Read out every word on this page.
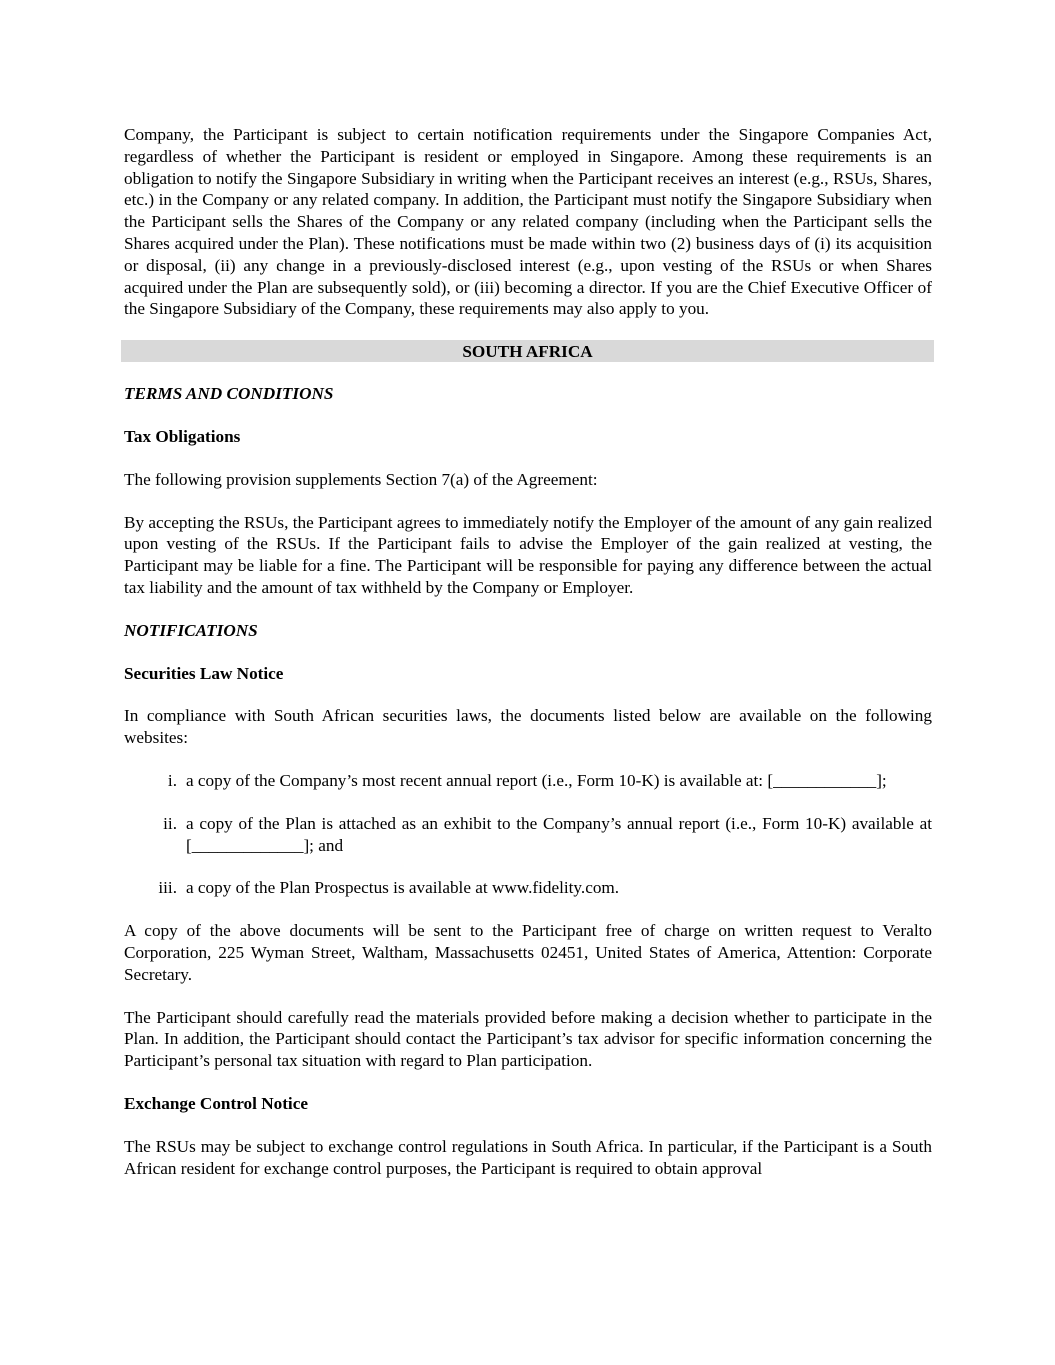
Company, the Participant is subject to certain notification requirements under the Singapore Companies Act, regardless of whether the Participant is resident or employed in Singapore. Among these requirements is an obligation to notify the Singapore Subsidiary in writing when the Participant receives an interest (e.g., RSUs, Shares, etc.) in the Company or any related company. In addition, the Participant must notify the Singapore Subsidiary when the Participant sells the Shares of the Company or any related company (including when the Participant sells the Shares acquired under the Plan). These notifications must be made within two (2) business days of (i) its acquisition or disposal, (ii) any change in a previously-disclosed interest (e.g., upon vesting of the RSUs or when Shares acquired under the Plan are subsequently sold), or (iii) becoming a director. If you are the Chief Executive Officer of the Singapore Subsidiary of the Company, these requirements may also apply to you.

SOUTH AFRICA

TERMS AND CONDITIONS

Tax Obligations

The following provision supplements Section 7(a) of the Agreement:

By accepting the RSUs, the Participant agrees to immediately notify the Employer of the amount of any gain realized upon vesting of the RSUs. If the Participant fails to advise the Employer of the gain realized at vesting, the Participant may be liable for a fine. The Participant will be responsible for paying any difference between the actual tax liability and the amount of tax withheld by the Company or Employer.

NOTIFICATIONS

Securities Law Notice

In compliance with South African securities laws, the documents listed below are available on the following websites:

i. a copy of the Company’s most recent annual report (i.e., Form 10-K) is available at: [____________];
ii. a copy of the Plan is attached as an exhibit to the Company’s annual report (i.e., Form 10-K) available at [_____________]; and
iii. a copy of the Plan Prospectus is available at www.fidelity.com.

A copy of the above documents will be sent to the Participant free of charge on written request to Veralto Corporation, 225 Wyman Street, Waltham, Massachusetts 02451, United States of America, Attention: Corporate Secretary.

The Participant should carefully read the materials provided before making a decision whether to participate in the Plan. In addition, the Participant should contact the Participant’s tax advisor for specific information concerning the Participant’s personal tax situation with regard to Plan participation.

Exchange Control Notice

The RSUs may be subject to exchange control regulations in South Africa. In particular, if the Participant is a South African resident for exchange control purposes, the Participant is required to obtain approval
